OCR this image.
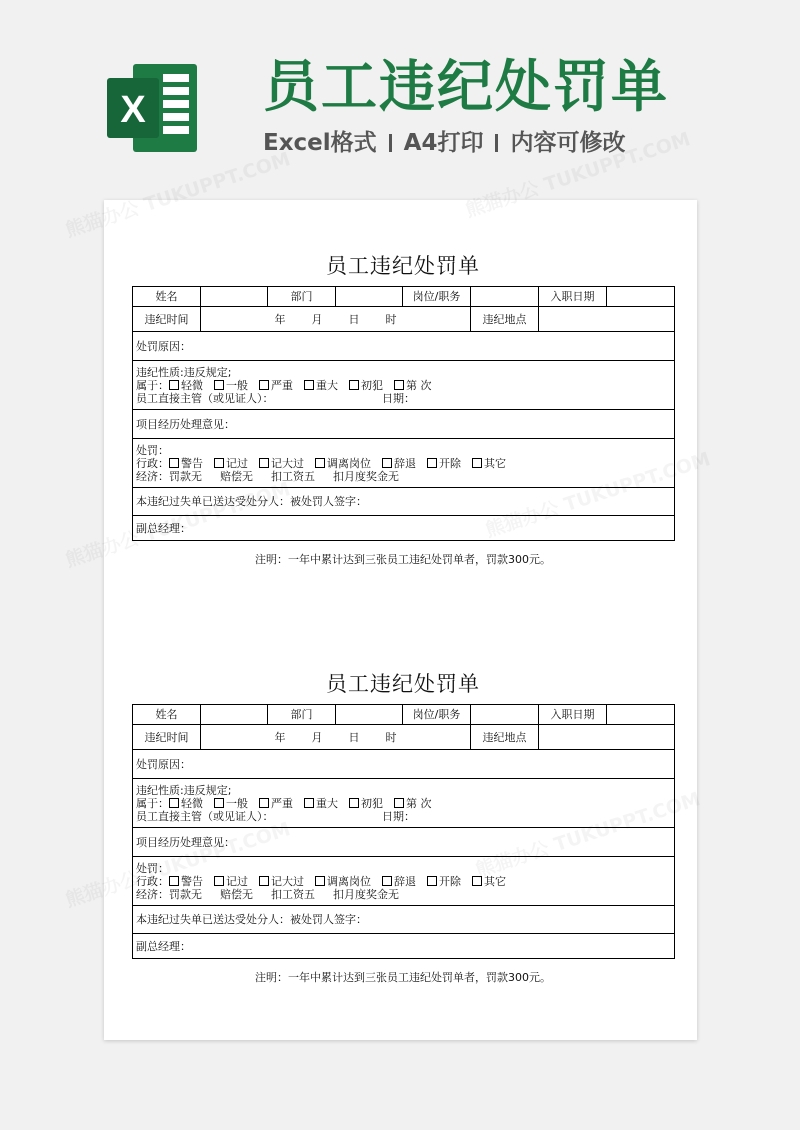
X 员工违纪处罚单
Excel格式 A4打印 内容可修改
员工违纪处罚单
姓名		部门		岗位/职务		入职日期	
违纪时间	年 月 日 时				违纪地点		
处罚原因：							

违纪性质:违反规定;
属于： 轻微 一般 严重 重大 初犯 第 次
员工直接主管（或见证人）： 日期：							

项目经历处理意见：							

处罚：
行政： 警告 记过 记大过 调离岗位 辞退 开除 其它
经济：罚款无 赔偿无 扣工资五 扣月度奖金无							

本违纪过失单已送达受处分人：被处罚人签字：							
副总经理：							
注明：一年中累计达到三张员工违纪处罚单者，罚款300元。
员工违纪处罚单
姓名		部门		岗位/职务		入职日期	
违纪时间	年 月 日 时				违纪地点		
处罚原因：							

违纪性质:违反规定;
属于： 轻微 一般 严重 重大 初犯 第 次
员工直接主管（或见证人）： 日期：							

项目经历处理意见：							

处罚：
行政： 警告 记过 记大过 调离岗位 辞退 开除 其它
经济：罚款无 赔偿无 扣工资五 扣月度奖金无							

本违纪过失单已送达受处分人：被处罚人签字：							
副总经理：							
注明：一年中累计达到三张员工违纪处罚单者，罚款300元。
